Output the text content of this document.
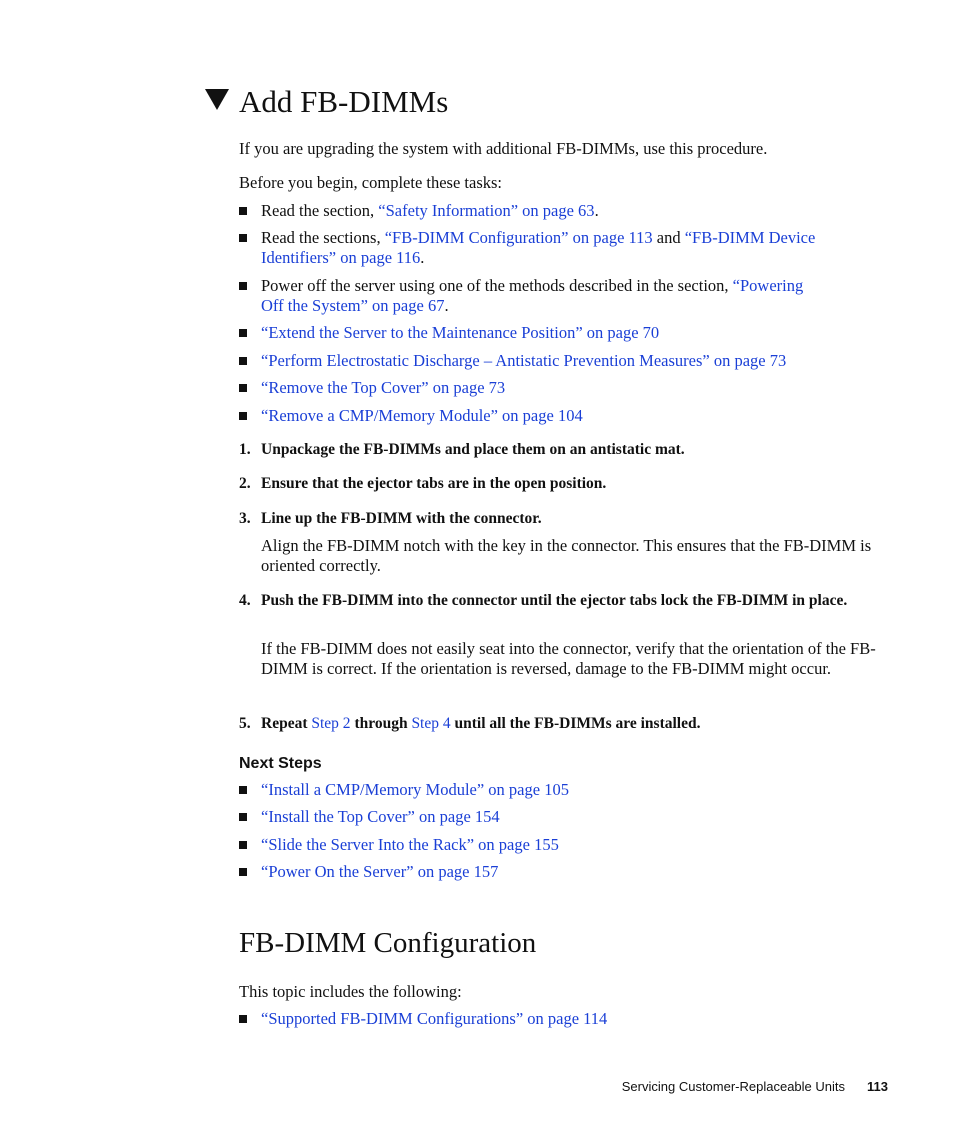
Add FB-DIMMs

If you are upgrading the system with additional FB-DIMMs, use this procedure.

Before you begin, complete these tasks:

Read the section, “Safety Information” on page 63.
Read the sections, “FB-DIMM Configuration” on page 113 and “FB-DIMM Device
Identifiers” on page 116.
Power off the server using one of the methods described in the section, “Powering
Off the System” on page 67.
“Extend the Server to the Maintenance Position” on page 70
“Perform Electrostatic Discharge – Antistatic Prevention Measures” on page 73
“Remove the Top Cover” on page 73
“Remove a CMP/Memory Module” on page 104
1. Unpackage the FB-DIMMs and place them on an antistatic mat.
2. Ensure that the ejector tabs are in the open position.
3. Line up the FB-DIMM with the connector.
Align the FB-DIMM notch with the key in the connector. This ensures that the FB-DIMM is oriented correctly.
4. Push the FB-DIMM into the connector until the ejector tabs lock the FB-DIMM in place.
If the FB-DIMM does not easily seat into the connector, verify that the orientation of the FB-DIMM is correct. If the orientation is reversed, damage to the FB-DIMM might occur.
5. Repeat Step 2 through Step 4 until all the FB-DIMMs are installed.
Next Steps
“Install a CMP/Memory Module” on page 105
“Install the Top Cover” on page 154
“Slide the Server Into the Rack” on page 155
“Power On the Server” on page 157
FB-DIMM Configuration

This topic includes the following:

“Supported FB-DIMM Configurations” on page 114
Servicing Customer-Replaceable Units 113
